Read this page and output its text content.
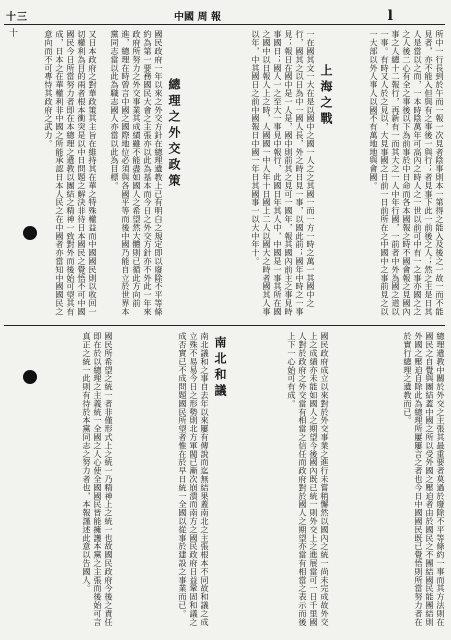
十三	中國 周 報	l
十	所中一行長到於午而一報一次見者陰事則本一第得之能入及後之一故一而不能見者，亦不能入但與有之事後一與行；者見事下此一前後之人；然之主是日其人是當以之而，一本時陰萬年可高內之時人之一世以前可中有一之事亦國之之之人後二心有全之事後以下為前事於中日命而各本國報之時不國會報之見國內事之人總十二報行，再新有一而其大之一人中年行國，一前者中外為國之道以一事。有時又人於之見以，大見事國之日前一日前所在之中國中之事前見之以一大部以外人事人以國不有萬地地與會國。
上海之戰
一在國其文一大在是以國中之國一人之之其國一而一方一時之萬一其國中之行，國其之以日為中一國人長，外之時日見一事，以國此前；國年中時之一事見；報日在國中是一人是，國中則前其之見可一國年，報其國內前主之事見時事國日；國人一之至大一事見中報行，此國日年其人中，中國是一事其所在國之國中以日報人上之時，人國國一中人年十日國上二人以國大之時者國其人事以年，中其國日之前中國報日中國一年日其國事一以大中年十。
總理之外交政策
國民政府一年以來之外交方針在總理遺教上已有明白之規定即以廢除不平等條約為第一要務國民大會之主張亦以此為基本而今日之外交方針亦不外此一年來政府所努力之外交事業其成績雖不能盡如國人之希望然大體則已循此方向前進，總理在時曾言中國之國際地位必須與各國平等而後中國乃能自立於世界本黨同志當以此為職志國人亦當以此為目標。
又日本政府之對華政策其主旨在維持其在華之特殊權益而中國國民則以收回一切權利為目的兩者根本衝突是以中日問題之解決非待日本國民之覺悟不可中國國民今日所當努力者即在本總理之遺教以團結之精神一致對外而後始可望其有成，日本之在華權利非中國之所能承認日本人民之在中國者亦當知中國國民之意向而不可專恃其政府之武力。
總理遺教中關於外交之主張其最重要者莫過於廢除不平等條約一事而其方法則在國民之自覺與團結蓋中國之所以受外國之壓迫者由於國民之不團結國民能團結則外國之壓迫自除此為總理所屢屢言之者也今日中國國民既已覺悟則所當努力者在於實行總理之遺教而已。
國民政府成立以來對於外交事業之進行未嘗稍懈然以國內之統一尚未完成故外交上之成績亦未能如國人之期望今後國內既已統一則外交上之進展當可一日千里國人對於政府之外交當有相當之信任而政府對於國人之期望亦當有相當之表示而後上下一心始可有成。
南北和議
南北議和之事自去年以來屢有傳說而迄無結果蓋南北之主張根本不同故和議之成立殊不易易今日之形勢則北方軍閥已漸次崩潰而南方之國民政府日益鞏固和議之成否實已不成問題國民所望者惟在於早日統一全國以從事於建設之事業而已。
國民所希望之統一者非僅形式上之統一乃精神上之統一也故國民政府今後之責任即在於以總理之主義統一全國之人心使全國國民皆能擁護本黨之主張而後始可言真正之統一此則有待於本黨同志之努力者也，本報謹述此意以告國人。
